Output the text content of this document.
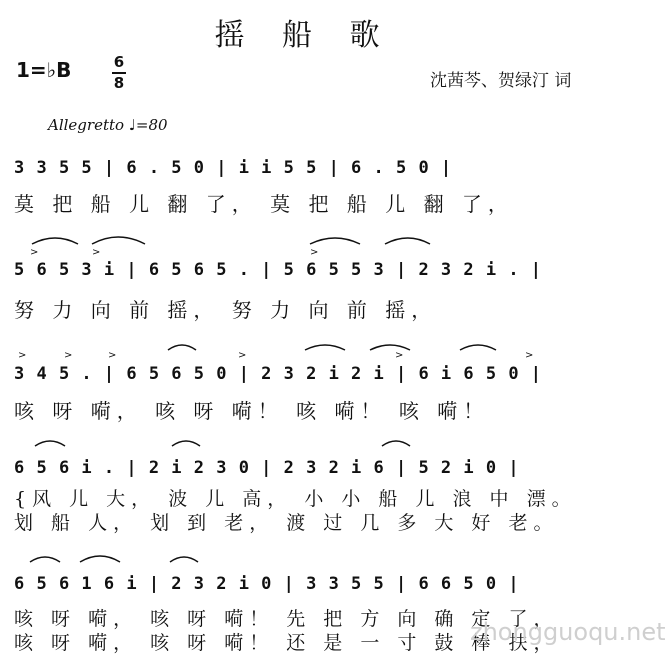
摇 船 歌
1=♭B	6
8	沈茜芩、贺绿汀 词
Allegretto ♩=80
3 3 5 5 | 6 . 5 0 | i i 5 5 | 6 . 5 0 |
莫 把 船 儿 翻 了， 莫 把 船 儿 翻 了，
5 6 5 3 i | 6 5 6 5 . | 5 6 5 5 3 | 2 3 2 i . |
努 力 向 前 摇， 努 力 向 前 摇，
3 4 5 . | 6 5 6 5 0 | 2 3 2 i 2 i | 6 i 6 5 0 |
咳 呀 嗬， 咳 呀 嗬！ 咳 嗬！ 咳 嗬！
6 5 6 i . | 2 i 2 3 0 | 2 3 2 i 6 | 5 2 i 0 |
{风 儿 大， 波 儿 高， 小 小 船 儿 浪 中 漂。
划 船 人， 划 到 老， 渡 过 几 多 大 好 老。
6 5 6 1 6 i | 2 3 2 i 0 | 3 3 5 5 | 6 6 5 0 |
咳 呀 嗬， 咳 呀 嗬！ 先 把 方 向 确 定 了，
咳 呀 嗬， 咳 呀 嗬！ 还 是 一 寸 鼓 棒 扶，
>	>	>
>	>	>	>	>	>
zhongguoqu.net
